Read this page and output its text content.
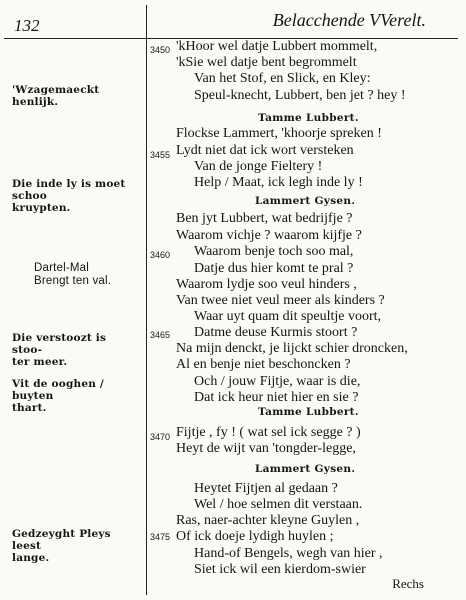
132	Belacchende VVerelt.
'Wzagemaeckt henlijk.
Die inde ly is moet schoo
kruypten.
Dartel-Mal
Brengt ten val.
Die verstoozt is stoo-
ter meer.
Vit de ooghen / buyten
thart.
Gedzeyght Pleys leest
lange.
3450
3455
3460
3465
3470
3475
Tamme Lubbert.
Lammert Gysen.
Tamme Lubbert.
Lammert Gysen.
'kHoor wel datje Lubbert mommelt,
'kSie wel datje bent begrommelt
Van het Stof, en Slick, en Kley:
Speul-knecht, Lubbert, ben jet ? hey !
Flockse Lammert, 'khoorje spreken !
Lydt niet dat ick wort versteken
Van de jonge Fieltery !
Help / Maat, ick legh inde ly !
Ben jyt Lubbert, wat bedrijfje ?
Waarom vichje ? waarom kijfje ?
Waarom benje toch soo mal,
Datje dus hier komt te pral ?
Waarom lydje soo veul hinders ,
Van twee niet veul meer als kinders ?
Waar uyt quam dit speultje voort,
Datme deuse Kurmis stoort ?
Na mijn denckt, je lijckt schier droncken,
Al en benje niet beschoncken ?
Och / jouw Fijtje, waar is die,
Dat ick heur niet hier en sie ?
Fijtje , fy ! ( wat sel ick segge ? )
Heyt de wijt van 'tongder-legge,
Heytet Fijtjen al gedaan ?
Wel / hoe selmen dit verstaan.
Ras, naer-achter kleyne Guylen ,
Of ick doeje lydigh huylen ;
Hand-of Bengels, wegh van hier ,
Siet ick wil een kierdom-swier
Rechs
